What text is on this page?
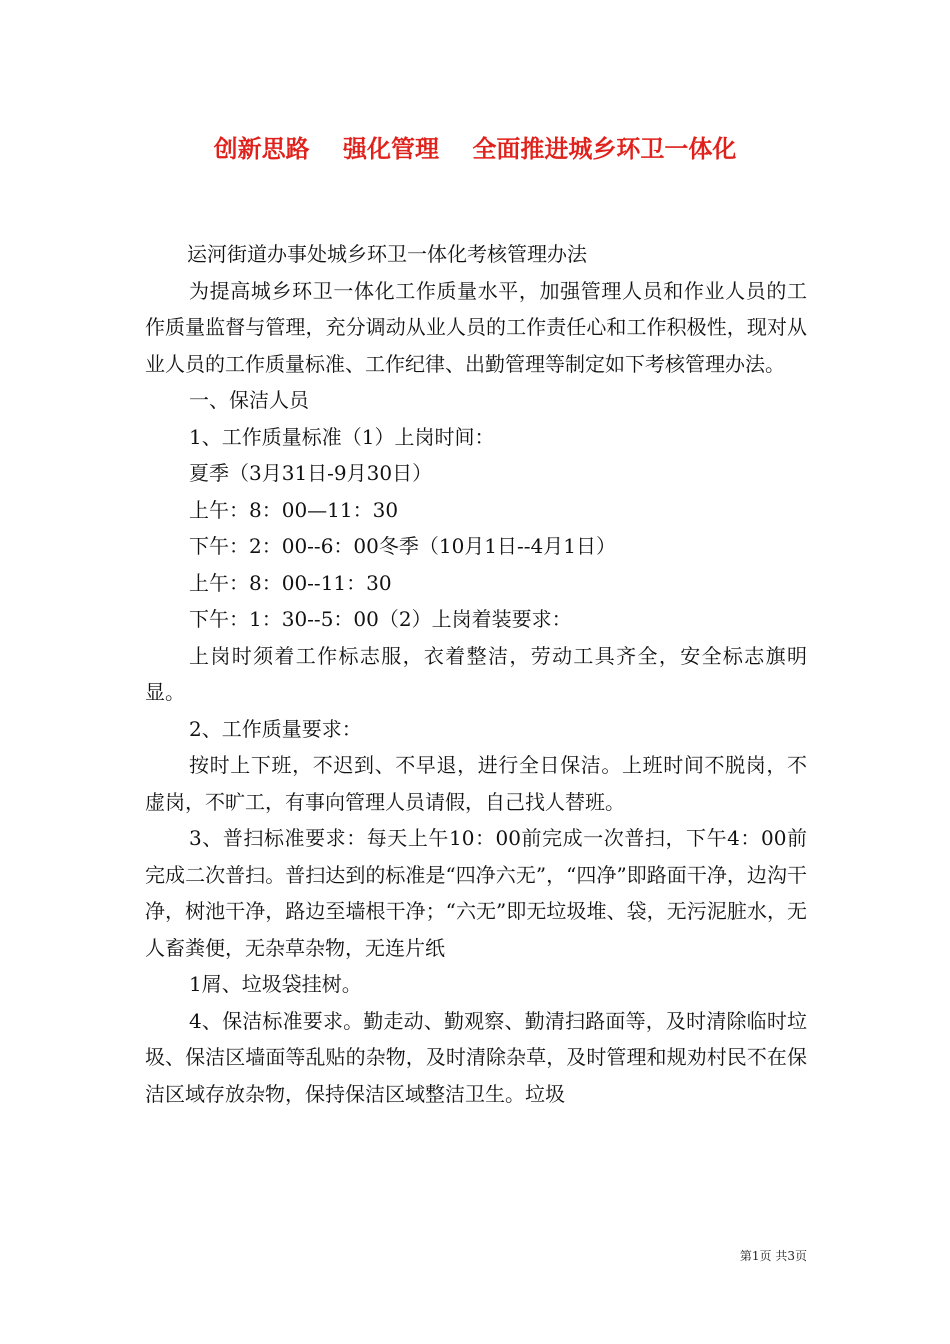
创新思路    强化管理    全面推进城乡环卫一体化

运河街道办事处城乡环卫一体化考核管理办法

为提高城乡环卫一体化工作质量水平，加强管理人员和作业人员的工作质量监督与管理，充分调动从业人员的工作责任心和工作积极性，现对从业人员的工作质量标准、工作纪律、出勤管理等制定如下考核管理办法。

一、保洁人员

1、工作质量标准（1）上岗时间：

夏季（3月31日-9月30日）

上午：8：00—11：30

下午：2：00--6：00冬季（10月1日--4月1日）

上午：8：00--11：30

下午：1：30--5：00（2）上岗着装要求：

上岗时须着工作标志服，衣着整洁，劳动工具齐全，安全标志旗明显。

2、工作质量要求：

按时上下班，不迟到、不早退，进行全日保洁。上班时间不脱岗，不虚岗，不旷工，有事向管理人员请假，自己找人替班。

3、普扫标准要求：每天上午10：00前完成一次普扫，下午4：00前完成二次普扫。普扫达到的标准是“四净六无”，“四净”即路面干净，边沟干净，树池干净，路边至墙根干净；“六无”即无垃圾堆、袋，无污泥脏水，无人畜粪便，无杂草杂物，无连片纸

1屑、垃圾袋挂树。

4、保洁标准要求。勤走动、勤观察、勤清扫路面等，及时清除临时垃圾、保洁区墙面等乱贴的杂物，及时清除杂草，及时管理和规劝村民不在保洁区域存放杂物，保持保洁区域整洁卫生。垃圾

第1页 共3页
